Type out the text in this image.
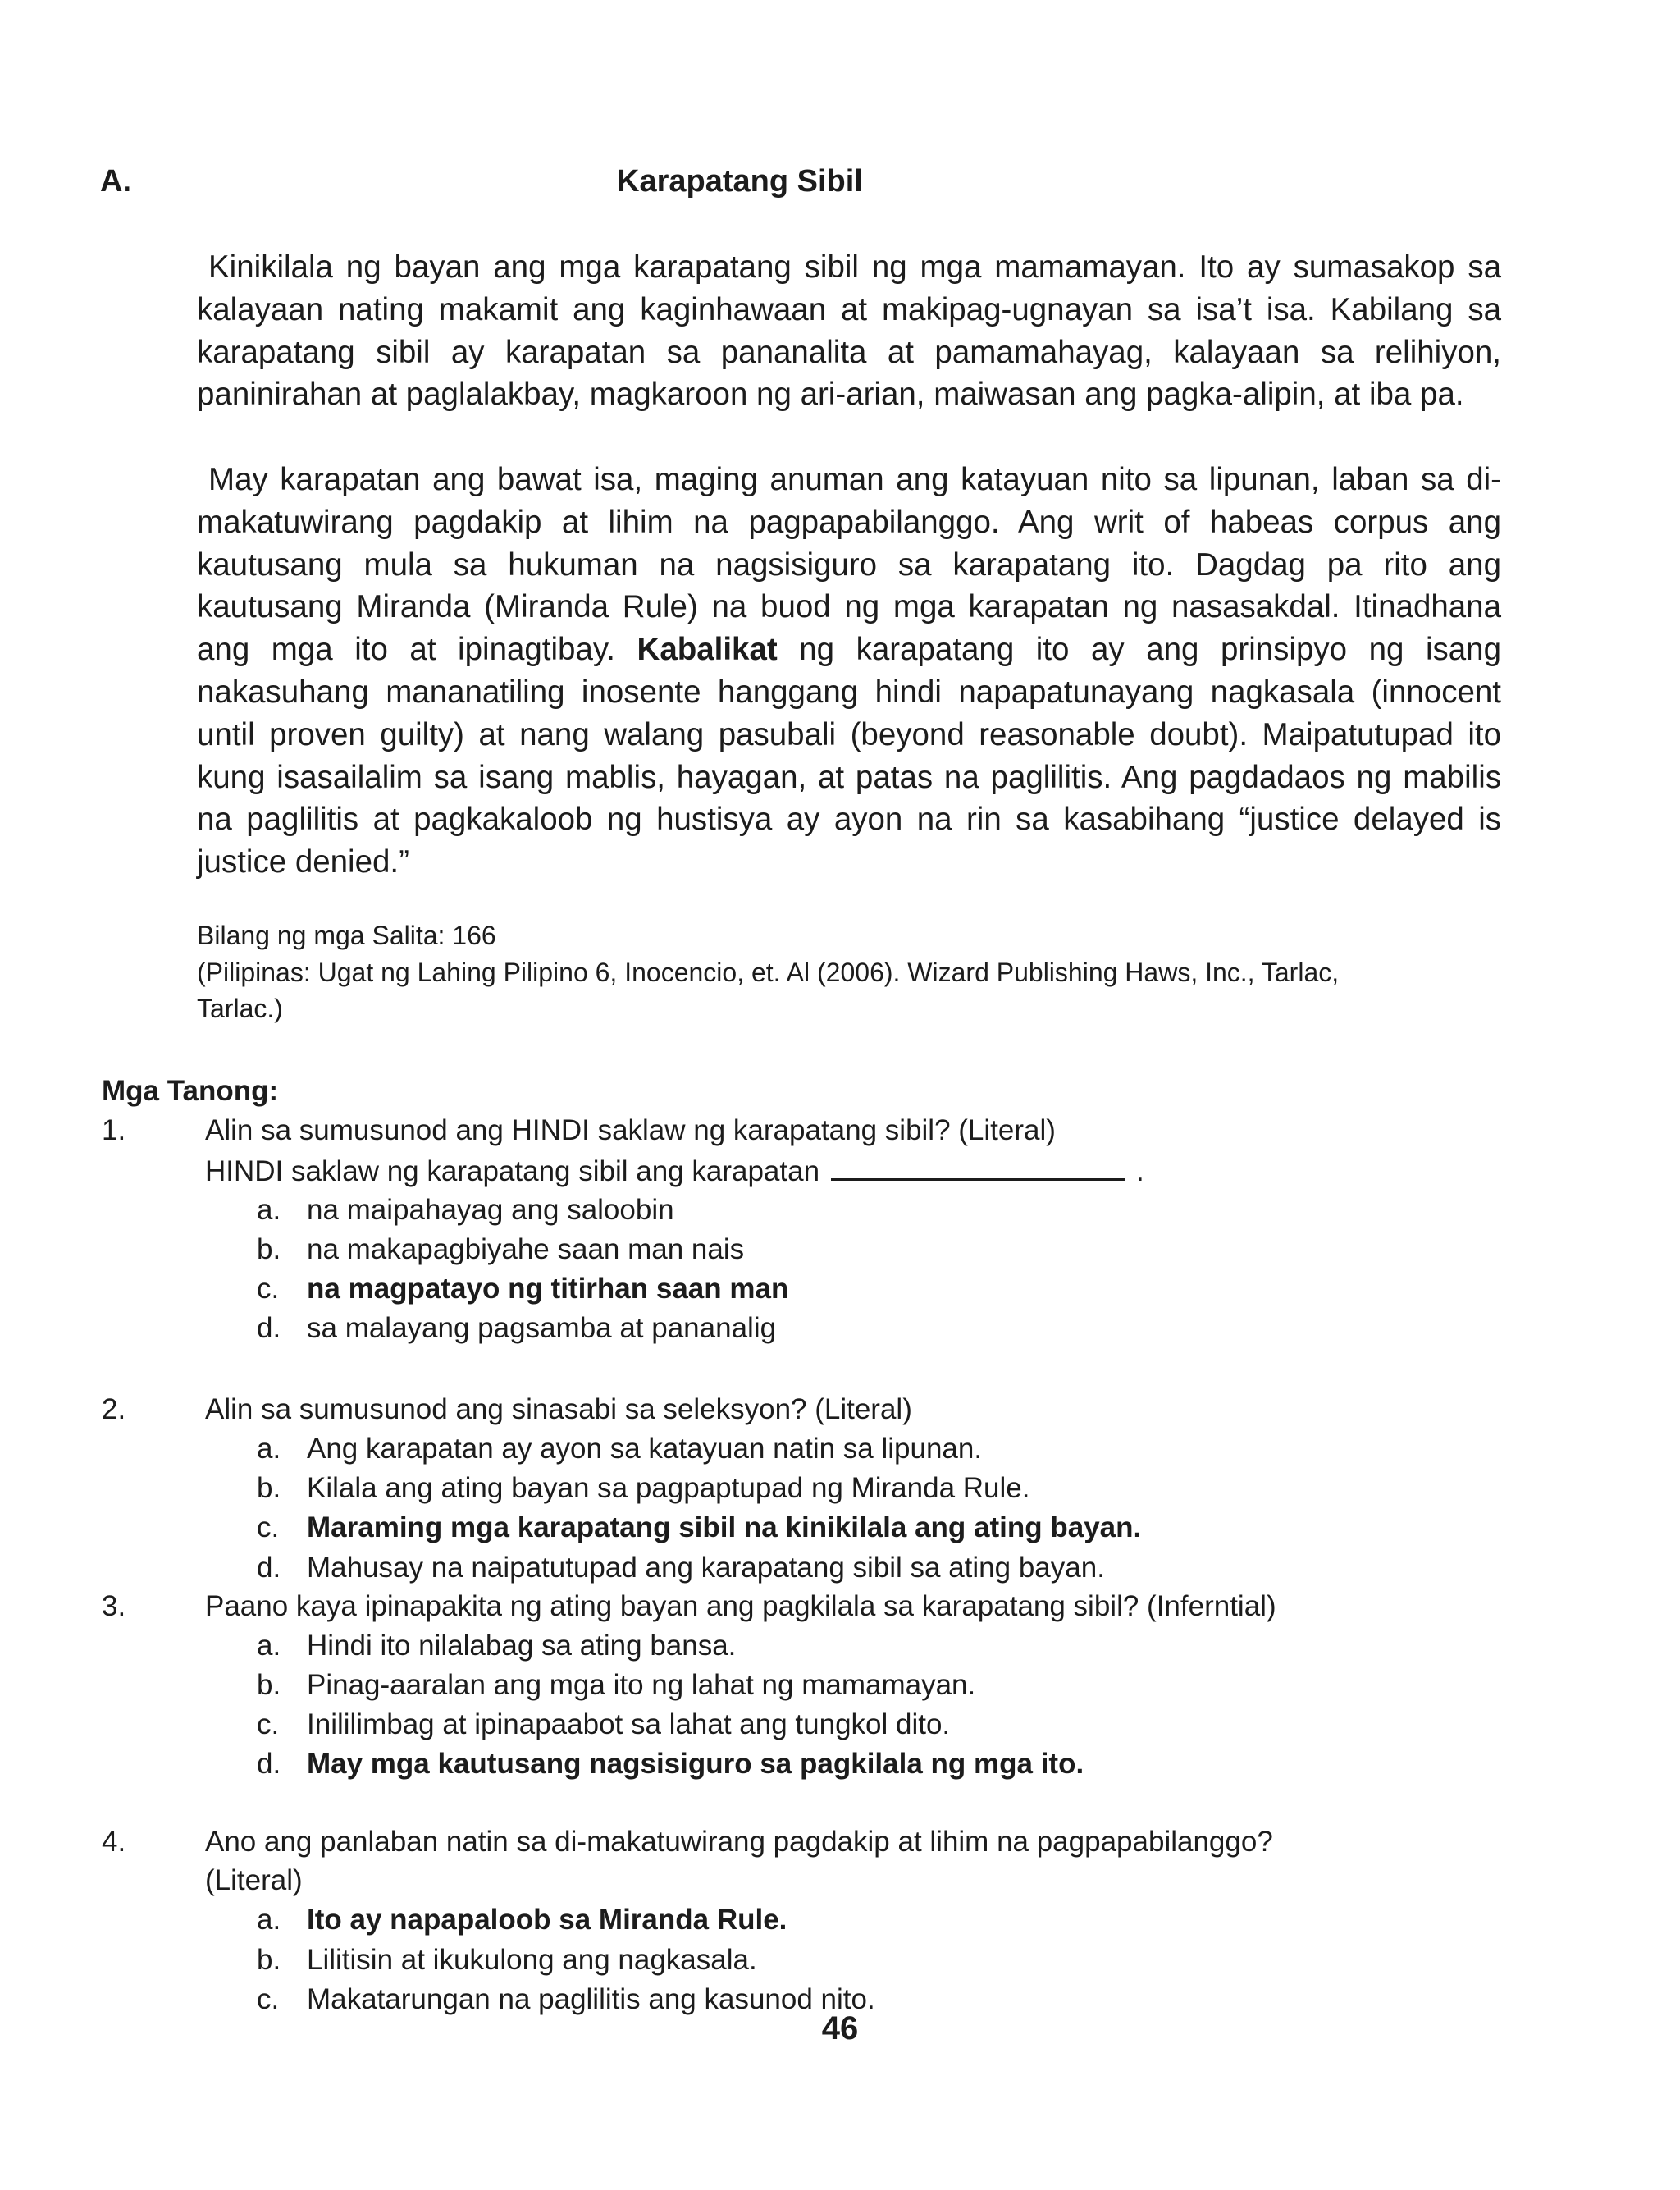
A.	Karapatang Sibil
Kinikilala ng bayan ang mga karapatang sibil ng mga mamamayan. Ito ay sumasakop sa kalayaan nating makamit ang kaginhawaan at makipag-ugnayan sa isa’t isa. Kabilang sa karapatang sibil ay karapatan sa pananalita at pamamahayag, kalayaan sa relihiyon, paninirahan at paglalakbay, magkaroon ng ari-arian, maiwasan ang pagka-alipin, at iba pa.
May karapatan ang bawat isa, maging anuman ang katayuan nito sa lipunan, laban sa di-makatuwirang pagdakip at lihim na pagpapabilanggo. Ang writ of habeas corpus ang kautusang mula sa hukuman na nagsisiguro sa karapatang ito. Dagdag pa rito ang kautusang Miranda (Miranda Rule) na buod ng mga karapatan ng nasasakdal. Itinadhana ang mga ito at ipinagtibay. Kabalikat ng karapatang ito ay ang prinsipyo ng isang nakasuhang mananatiling inosente hanggang hindi napapatunayang nagkasala (innocent until proven guilty) at nang walang pasubali (beyond reasonable doubt). Maipatutupad ito kung isasailalim sa isang mablis, hayagan, at patas na paglilitis. Ang pagdadaos ng mabilis na paglilitis at pagkakaloob ng hustisya ay ayon na rin sa kasabihang “justice delayed is justice denied.”
Bilang ng mga Salita: 166
(Pilipinas: Ugat ng Lahing Pilipino 6, Inocencio, et. Al (2006). Wizard Publishing Haws, Inc., Tarlac, Tarlac.)
Mga Tanong:
1.	Alin sa sumusunod ang HINDI saklaw ng karapatang sibil? (Literal)
HINDI saklaw ng karapatang sibil ang karapatan	.
a. na maipahayag ang saloobin
b. na makapagbiyahe saan man nais
c. na magpatayo ng titirhan saan man
d. sa malayang pagsamba at pananalig
2.	Alin sa sumusunod ang sinasabi sa seleksyon? (Literal)
a. Ang karapatan ay ayon sa katayuan natin sa lipunan.
b. Kilala ang ating bayan sa pagpaptupad ng Miranda Rule.
c. Maraming mga karapatang sibil na kinikilala ang ating bayan.
d. Mahusay na naipatutupad ang karapatang sibil sa ating bayan.
3.	Paano kaya ipinapakita ng ating bayan ang pagkilala sa karapatang sibil? (Inferntial)
a. Hindi ito nilalabag sa ating bansa.
b. Pinag-aaralan ang mga ito ng lahat ng mamamayan.
c. Inililimbag at ipinapaabot sa lahat ang tungkol dito.
d. May mga kautusang nagsisiguro sa pagkilala ng mga ito.
4.	Ano ang panlaban natin sa di-makatuwirang pagdakip at lihim na pagpapabilanggo?
(Literal)
a. Ito ay napapaloob sa Miranda Rule.
b. Lilitisin at ikukulong ang nagkasala.
c. Makatarungan na paglilitis ang kasunod nito.
46
